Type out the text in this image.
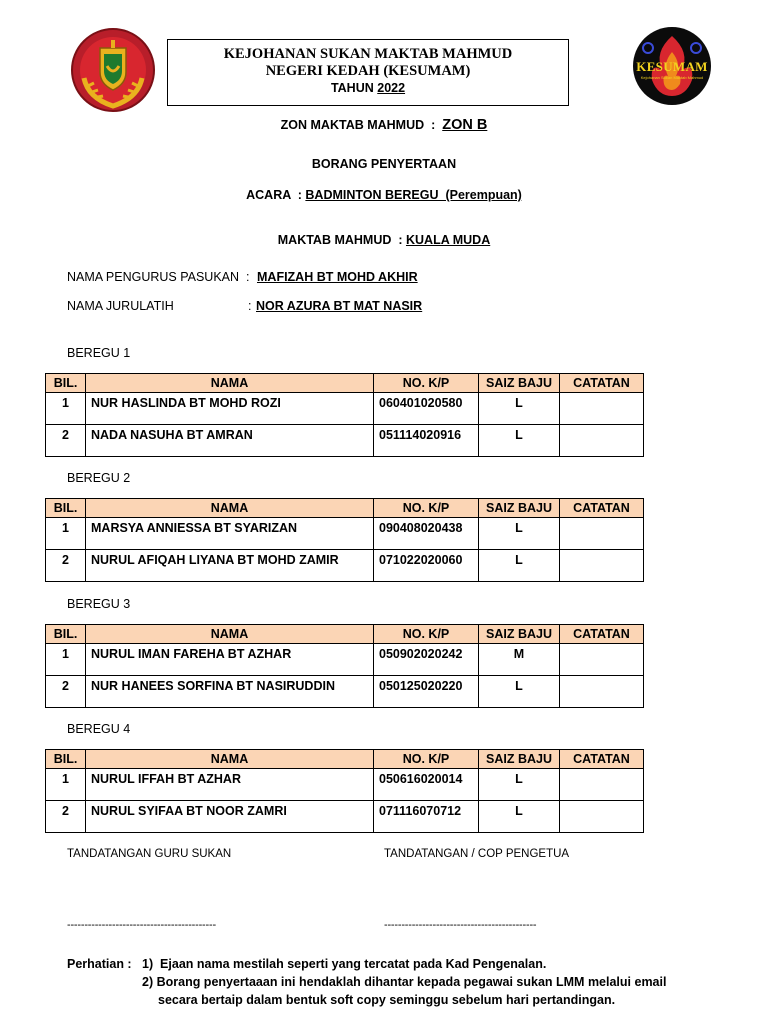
KEJOHANAN SUKAN MAKTAB MAHMUD
NEGERI KEDAH (KESUMAM)
TAHUN 2022
KESUMAM
Kejohanan Sukan Maktab Mahmud
ZON MAKTAB MAHMUD  : ZON B
BORANG PENYERTAAN
ACARA  : BADMINTON BEREGU  (Perempuan)
MAKTAB MAHMUD  : KUALA MUDA
NAMA PENGURUS PASUKAN  : MAFIZAH BT MOHD AKHIR
NAMA JURULATIH	: NOR AZURA BT MAT NASIR
BEREGU 1
BIL.	NAMA	NO. K/P	SAIZ BAJU	CATATAN
1	NUR HASLINDA BT MOHD ROZI	060401020580	L	
2	NADA NASUHA BT AMRAN	051114020916	L	
BEREGU 2
BIL.	NAMA	NO. K/P	SAIZ BAJU	CATATAN
1	MARSYA ANNIESSA BT SYARIZAN	090408020438	L	
2	NURUL AFIQAH LIYANA BT MOHD ZAMIR	071022020060	L	
BEREGU 3
BIL.	NAMA	NO. K/P	SAIZ BAJU	CATATAN
1	NURUL IMAN FAREHA BT AZHAR	050902020242	M	
2	NUR HANEES SORFINA BT NASIRUDDIN	050125020220	L	
BEREGU 4
BIL.	NAMA	NO. K/P	SAIZ BAJU	CATATAN
1	NURUL IFFAH BT AZHAR	050616020014	L	
2	NURUL SYIFAA BT NOOR ZAMRI	071116070712	L	
TANDATANGAN GURU SUKAN	TANDATANGAN / COP PENGETUA
-------------------------------------------	--------------------------------------------
Perhatian : 1)  Ejaan nama mestilah seperti yang tercatat pada Kad Pengenalan.
2) Borang penyertaaan ini hendaklah dihantar kepada pegawai sukan LMM melalui email
secara bertaip dalam bentuk soft copy seminggu sebelum hari pertandingan.
